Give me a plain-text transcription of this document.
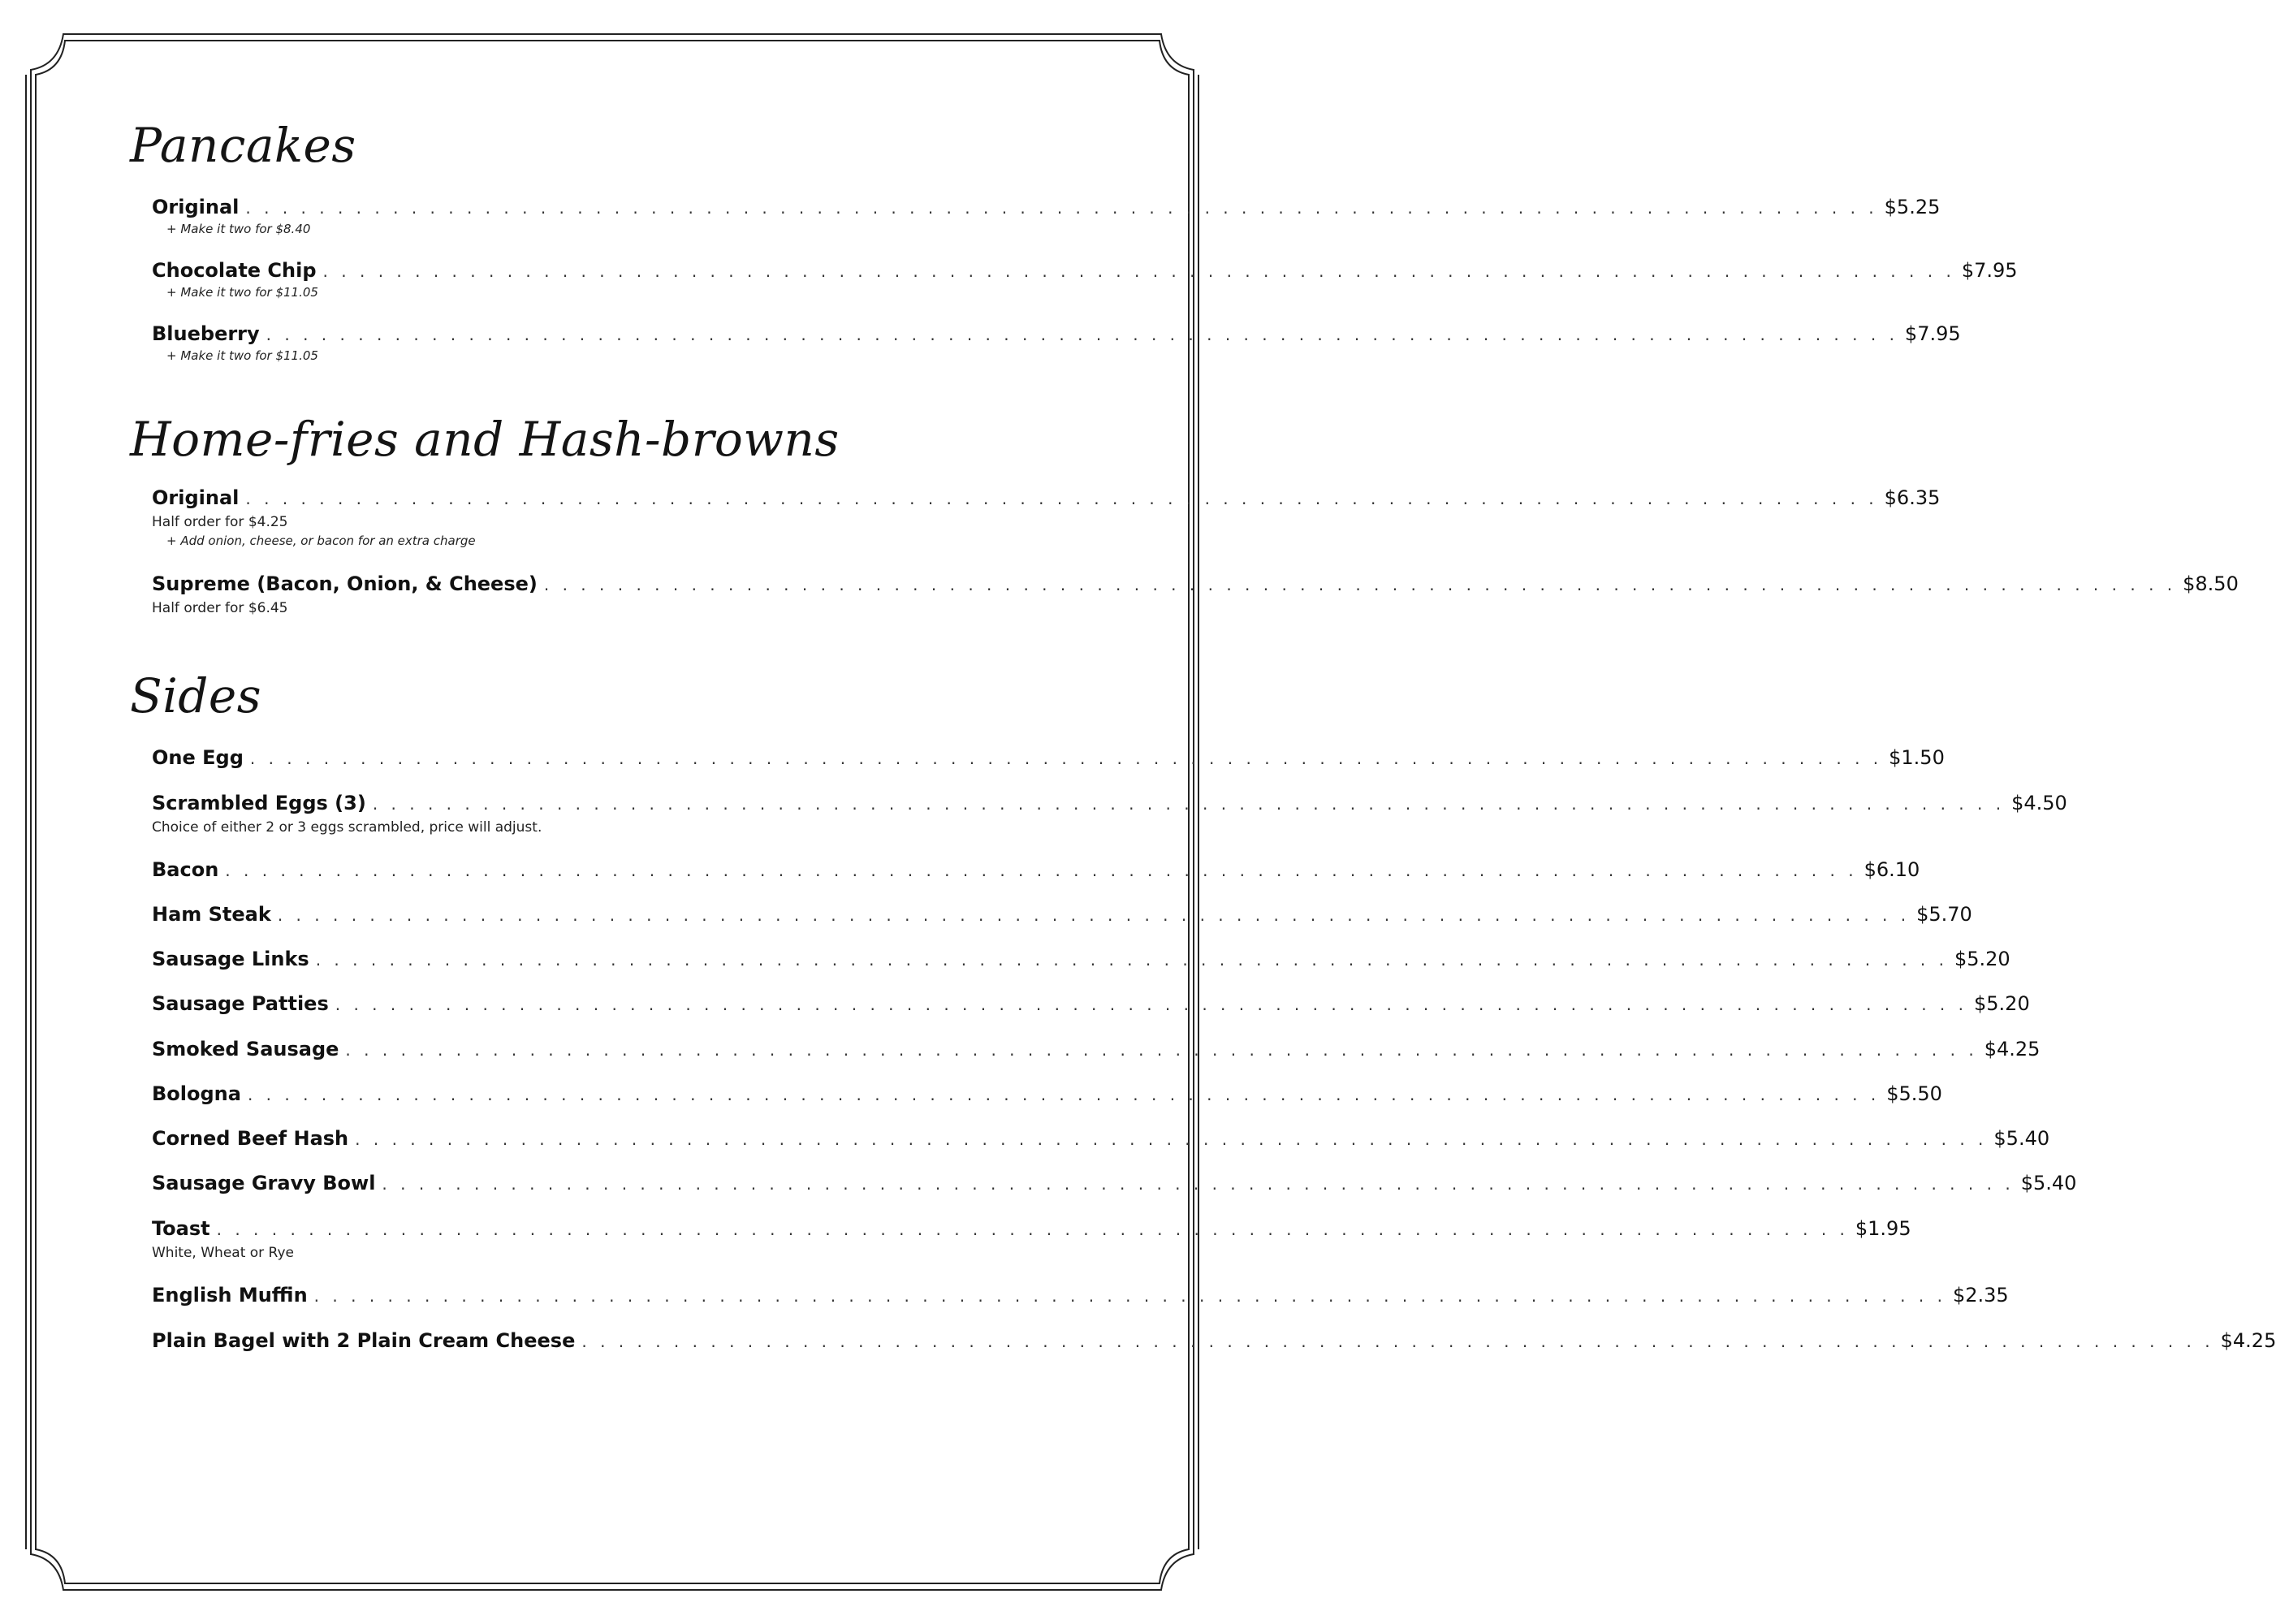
Pancakes
Original . . . . . . . . . . . . . . . . . . . . . . . . . . . . . . . . . . . . . . . . . . . . . . . . . . . . . . . . . . . . . . . . . . . . . . . . . . . . . . . . . . . . . . . . . $5.25
+ Make it two for $8.40
Chocolate Chip . . . . . . . . . . . . . . . . . . . . . . . . . . . . . . . . . . . . . . . . . . . . . . . . . . . . . . . . . . . . . . . . . . . . . . . . . . . . . . . . . . . . . . . . . $7.95
+ Make it two for $11.05
Blueberry . . . . . . . . . . . . . . . . . . . . . . . . . . . . . . . . . . . . . . . . . . . . . . . . . . . . . . . . . . . . . . . . . . . . . . . . . . . . . . . . . . . . . . . . . $7.95
+ Make it two for $11.05
Home-fries and Hash-browns
Original . . . . . . . . . . . . . . . . . . . . . . . . . . . . . . . . . . . . . . . . . . . . . . . . . . . . . . . . . . . . . . . . . . . . . . . . . . . . . . . . . . . . . . . . . $6.35
Half order for $4.25
+ Add onion, cheese, or bacon for an extra charge
Supreme (Bacon, Onion, & Cheese) . . . . . . . . . . . . . . . . . . . . . . . . . . . . . . . . . . . . . . . . . . . . . . . . . . . . . . . . . . . . . . . . . . . . . . . . . . . . . . . . . . . . . . . . . $8.50
Half order for $6.45
Sides
One Egg . . . . . . . . . . . . . . . . . . . . . . . . . . . . . . . . . . . . . . . . . . . . . . . . . . . . . . . . . . . . . . . . . . . . . . . . . . . . . . . . . . . . . . . . . $1.50
Scrambled Eggs (3) . . . . . . . . . . . . . . . . . . . . . . . . . . . . . . . . . . . . . . . . . . . . . . . . . . . . . . . . . . . . . . . . . . . . . . . . . . . . . . . . . . . . . . . . . $4.50
Choice of either 2 or 3 eggs scrambled, price will adjust.
Bacon . . . . . . . . . . . . . . . . . . . . . . . . . . . . . . . . . . . . . . . . . . . . . . . . . . . . . . . . . . . . . . . . . . . . . . . . . . . . . . . . . . . . . . . . . $6.10
Ham Steak . . . . . . . . . . . . . . . . . . . . . . . . . . . . . . . . . . . . . . . . . . . . . . . . . . . . . . . . . . . . . . . . . . . . . . . . . . . . . . . . . . . . . . . . . $5.70
Sausage Links . . . . . . . . . . . . . . . . . . . . . . . . . . . . . . . . . . . . . . . . . . . . . . . . . . . . . . . . . . . . . . . . . . . . . . . . . . . . . . . . . . . . . . . . . $5.20
Sausage Patties . . . . . . . . . . . . . . . . . . . . . . . . . . . . . . . . . . . . . . . . . . . . . . . . . . . . . . . . . . . . . . . . . . . . . . . . . . . . . . . . . . . . . . . . . $5.20
Smoked Sausage . . . . . . . . . . . . . . . . . . . . . . . . . . . . . . . . . . . . . . . . . . . . . . . . . . . . . . . . . . . . . . . . . . . . . . . . . . . . . . . . . . . . . . . . . $4.25
Bologna . . . . . . . . . . . . . . . . . . . . . . . . . . . . . . . . . . . . . . . . . . . . . . . . . . . . . . . . . . . . . . . . . . . . . . . . . . . . . . . . . . . . . . . . . $5.50
Corned Beef Hash . . . . . . . . . . . . . . . . . . . . . . . . . . . . . . . . . . . . . . . . . . . . . . . . . . . . . . . . . . . . . . . . . . . . . . . . . . . . . . . . . . . . . . . . . $5.40
Sausage Gravy Bowl . . . . . . . . . . . . . . . . . . . . . . . . . . . . . . . . . . . . . . . . . . . . . . . . . . . . . . . . . . . . . . . . . . . . . . . . . . . . . . . . . . . . . . . . . $5.40
Toast . . . . . . . . . . . . . . . . . . . . . . . . . . . . . . . . . . . . . . . . . . . . . . . . . . . . . . . . . . . . . . . . . . . . . . . . . . . . . . . . . . . . . . . . . $1.95
White, Wheat or Rye
English Muffin . . . . . . . . . . . . . . . . . . . . . . . . . . . . . . . . . . . . . . . . . . . . . . . . . . . . . . . . . . . . . . . . . . . . . . . . . . . . . . . . . . . . . . . . . $2.35
Plain Bagel with 2 Plain Cream Cheese . . . . . . . . . . . . . . . . . . . . . . . . . . . . . . . . . . . . . . . . . . . . . . . . . . . . . . . . . . . . . . . . . . . . . . . . . . . . . . . . . . . . . . . . . $4.25
